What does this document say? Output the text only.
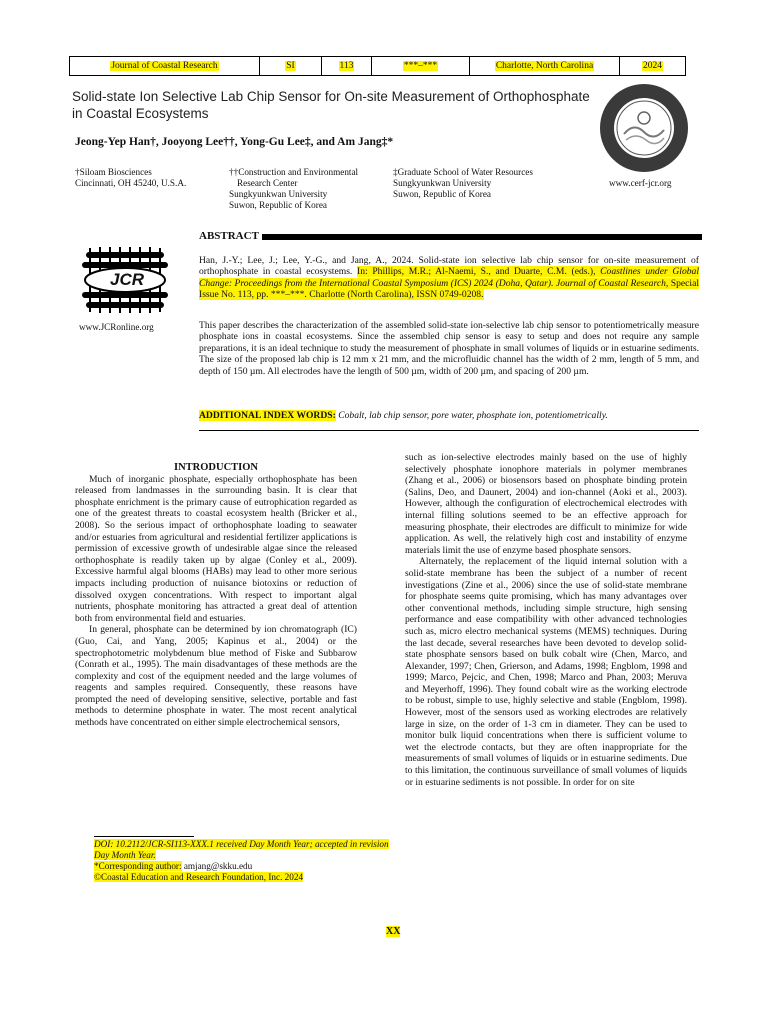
Journal of Coastal Research	SI	113	***–***	Charlotte, North Carolina	2024
Solid-state Ion Selective Lab Chip Sensor for On-site Measurement of Orthophosphate in Coastal Ecosystems
Jeong-Yep Han†, Jooyong Lee††, Yong-Gu Lee‡, and Am Jang‡*
†Siloam Biosciences
Cincinnati, OH 45240, U.S.A.
††Construction and Environmental
Research Center
Sungkyunkwan University
Suwon, Republic of Korea
‡Graduate School of Water Resources
Sungkyunkwan University
Suwon, Republic of Korea
www.cerf-jcr.org
ABSTRACT
JCR
www.JCRonline.org
Han, J.-Y.; Lee, J.; Lee, Y.-G., and Jang, A., 2024. Solid-state ion selective lab chip sensor for on-site measurement of orthophosphate in coastal ecosystems. In: Phillips, M.R.; Al-Naemi, S., and Duarte, C.M. (eds.), Coastlines under Global Change: Proceedings from the International Coastal Symposium (ICS) 2024 (Doha, Qatar). Journal of Coastal Research, Special Issue No. 113, pp. ***–***. Charlotte (North Carolina), ISSN 0749-0208.
This paper describes the characterization of the assembled solid-state ion-selective lab chip sensor to potentiometrically measure phosphate ions in coastal ecosystems. Since the assembled chip sensor is easy to setup and does not require any sample preparations, it is an ideal technique to study the measurement of phosphate in small volumes of liquids or in estuarine sediments. The size of the proposed lab chip is 12 mm x 21 mm, and the microfluidic channel has the width of 2 mm, length of 5 mm, and depth of 150 µm. All electrodes have the length of 500 µm, width of 200 µm, and spacing of 200 µm.
ADDITIONAL INDEX WORDS: Cobalt, lab chip sensor, pore water, phosphate ion, potentiometrically.

INTRODUCTION

Much of inorganic phosphate, especially orthophosphate has been released from landmasses in the surrounding basin. It is clear that phosphate enrichment is the primary cause of eutrophication regarded as one of the greatest threats to coastal ecosystem health (Bricker et al., 2008). So the serious impact of orthophosphate loading to seawater and/or estuaries from agricultural and residential fertilizer applications is permission of excessive growth of undesirable algae since the released orthophosphate is readily taken up by algae (Conley et al., 2009). Excessive harmful algal blooms (HABs) may lead to other more serious impacts including production of nuisance biotoxins or reduction of dissolved oxygen concentrations. With respect to important algal nutrients, phosphate monitoring has attracted a great deal of attention both from environmental field and estuaries.

In general, phosphate can be determined by ion chromatograph (IC) (Guo, Cai, and Yang, 2005; Kapinus et al., 2004) or the spectrophotometric molybdenum blue method of Fiske and Subbarow (Conrath et al., 1995). The main disadvantages of these methods are the complexity and cost of the equipment needed and the large volumes of reagents and samples required. Consequently, these reasons have prompted the need of developing sensitive, selective, portable and fast methods to determine phosphate in water. The most recent analytical methods have concentrated on either simple electrochemical sensors,

such as ion-selective electrodes mainly based on the use of highly selectively phosphate ionophore materials in polymer membranes (Zhang et al., 2006) or biosensors based on phosphate binding protein (Salins, Deo, and Daunert, 2004) and ion-channel (Aoki et al., 2003). However, although the configuration of electrochemical electrodes with internal filling solutions seemed to be an effective approach for measuring phosphate, their electrodes are difficult to minimize for wide application. As well, the relatively high cost and instability of enzyme materials limit the use of enzyme based phosphate sensors.

Alternately, the replacement of the liquid internal solution with a solid-state membrane has been the subject of a number of recent investigations (Zine et al., 2006) since the use of solid-state membrane for phosphate seems quite promising, which has many advantages over other conventional methods, including simple structure, high sensing performance and ease compatibility with other advanced technologies such as, micro electro mechanical systems (MEMS) techniques. During the last decade, several researches have been devoted to develop solid-state phosphate sensors based on bulk cobalt wire (Chen, Marco, and Alexander, 1997; Chen, Grierson, and Adams, 1998; Engblom, 1998 and 1999; Marco, Pejcic, and Chen, 1998; Marco and Phan, 2003; Meruva and Meyerhoff, 1996). They found cobalt wire as the working electrode to be robust, simple to use, highly selective and stable (Engblom, 1998). However, most of the sensors used as working electrodes are relatively large in size, on the order of 1-3 cm in diameter. They can be used to monitor bulk liquid concentrations when there is sufficient volume to wet the electrode contacts, but they are often inappropriate for the measurements of small volumes of liquids or in estuarine sediments. Due to this limitation, the continuous surveillance of small volumes of liquids or in estuarine sediments is not possible. In order for on site

DOI: 10.2112/JCR-SI113-XXX.1 received Day Month Year; accepted in revision Day Month Year.
*Corresponding author: amjang@skku.edu
©Coastal Education and Research Foundation, Inc. 2024
XX
